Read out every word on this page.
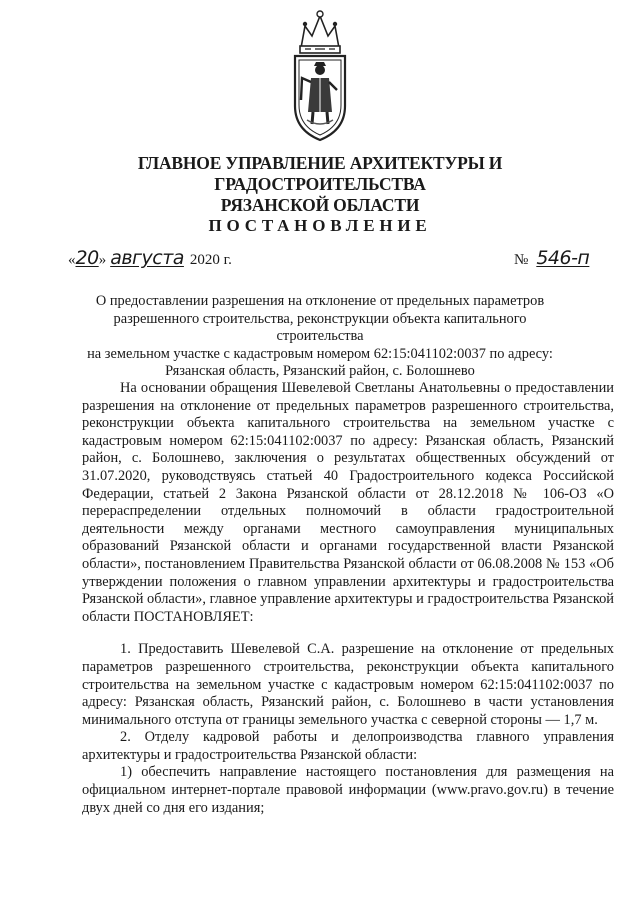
ГЛАВНОЕ УПРАВЛЕНИЕ АРХИТЕКТУРЫ И ГРАДОСТРОИТЕЛЬСТВА
РЯЗАНСКОЙ ОБЛАСТИ
ПОСТАНОВЛЕНИЕ
« 20 » августа 2020 г.	№ 546-п
О предоставлении разрешения на отклонение от предельных параметров
разрешенного строительства, реконструкции объекта капитального строительства
на земельном участке с кадастровым номером 62:15:041102:0037 по адресу:
Рязанская область, Рязанский район, с. Болошнево

На основании обращения Шевелевой Светланы Анатольевны о предоставлении разрешения на отклонение от предельных параметров разрешенного строительства, реконструкции объекта капитального строительства на земельном участке с кадастровым номером 62:15:041102:0037 по адресу: Рязанская область, Рязанский район, с. Болошнево, заключения о результатах общественных обсуждений от 31.07.2020, руководствуясь статьей 40 Градостроительного кодекса Российской Федерации, статьей 2 Закона Рязанской области от 28.12.2018 № 106-ОЗ «О перераспределении отдельных полномочий в области градостроительной деятельности между органами местного самоуправления муниципальных образований Рязанской области и органами государственной власти Рязанской области», постановлением Правительства Рязанской области от 06.08.2008 № 153 «Об утверждении положения о главном управлении архитектуры и градостроительства Рязанской области», главное управление архитектуры и градостроительства Рязанской области ПОСТАНОВЛЯЕТ:

1. Предоставить Шевелевой С.А. разрешение на отклонение от предельных параметров разрешенного строительства, реконструкции объекта капитального строительства на земельном участке с кадастровым номером 62:15:041102:0037 по адресу: Рязанская область, Рязанский район, с. Болошнево в части установления минимального отступа от границы земельного участка с северной стороны — 1,7 м.

2. Отделу кадровой работы и делопроизводства главного управления архитектуры и градостроительства Рязанской области:

1) обеспечить направление настоящего постановления для размещения на официальном интернет-портале правовой информации (www.pravo.gov.ru) в течение двух дней со дня его издания;
